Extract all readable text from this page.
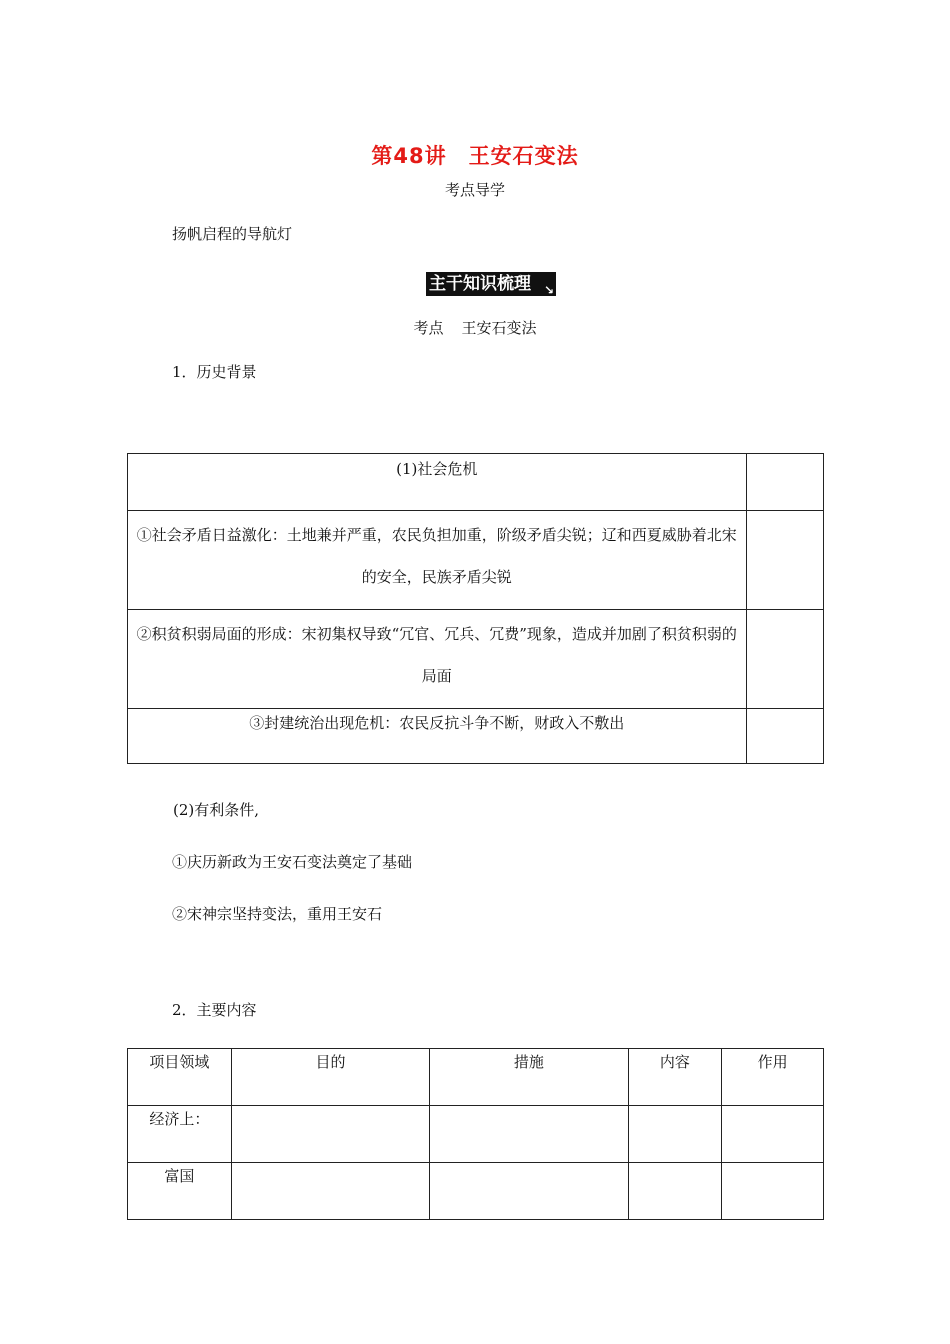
第48讲 王安石变法
考点导学
扬帆启程的导航灯
主干知识梳理 ↘
考点 王安石变法
1．历史背景
(1)社会危机	
①社会矛盾日益激化：土地兼并严重，农民负担加重，阶级矛盾尖锐；辽和西夏威胁着北宋的安全，民族矛盾尖锐	
②积贫积弱局面的形成：宋初集权导致“冗官、冗兵、冗费”现象，造成并加剧了积贫积弱的局面	
③封建统治出现危机：农民反抗斗争不断，财政入不敷出	
(2)有利条件,
①庆历新政为王安石变法奠定了基础
②宋神宗坚持变法，重用王安石
2．主要内容
项目领域	目的	措施	内容	作用
经济上：				
富国				
